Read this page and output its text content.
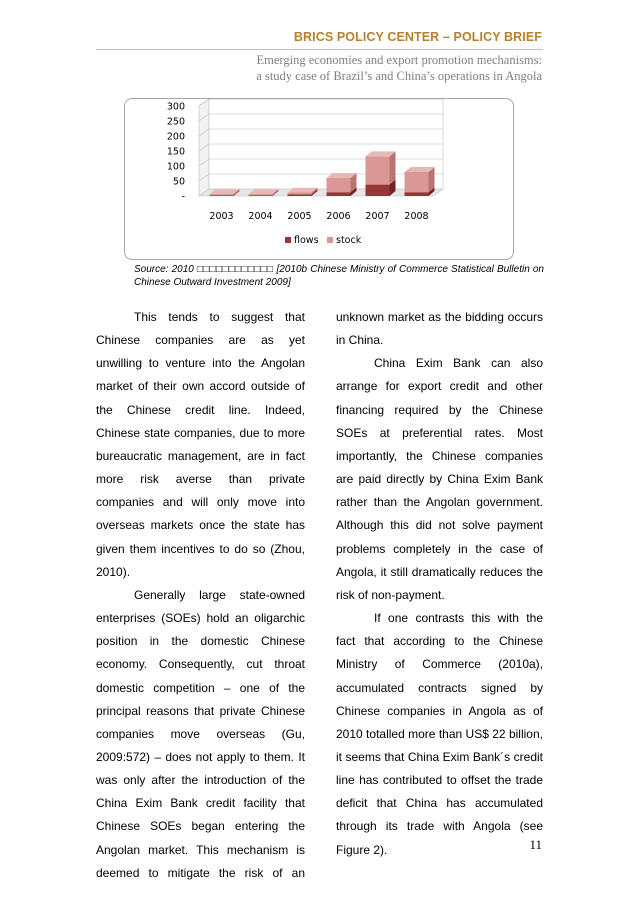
BRICS POLICY CENTER – POLICY BRIEF
Emerging economies and export promotion mechanisms:
a study case of Brazil’s and China’s operations in Angola
300
250
200
150
100
50
-
2003 2004 2005 2006 2007 2008
flows stock
Source: 2010 □□□□□□□□□□□□ [2010b Chinese Ministry of Commerce Statistical Bulletin on Chinese Outward Investment 2009]

This tends to suggest that Chinese companies are as yet unwilling to venture into the Angolan market of their own accord outside of the Chinese credit line. Indeed, Chinese state companies, due to more bureaucratic management, are in fact more risk averse than private companies and will only move into overseas markets once the state has given them incentives to do so (Zhou, 2010).

Generally large state-owned enterprises (SOEs) hold an oligarchic position in the domestic Chinese economy. Consequently, cut throat domestic competition – one of the principal reasons that private Chinese companies move overseas (Gu, 2009:572) – does not apply to them. It was only after the introduction of the China Exim Bank credit facility that Chinese SOEs began entering the Angolan market. This mechanism is deemed to mitigate the risk of an

unknown market as the bidding occurs in China.

China Exim Bank can also arrange for export credit and other financing required by the Chinese SOEs at preferential rates. Most importantly, the Chinese companies are paid directly by China Exim Bank rather than the Angolan government. Although this did not solve payment problems completely in the case of Angola, it still dramatically reduces the risk of non-payment.

If one contrasts this with the fact that according to the Chinese Ministry of Commerce (2010a), accumulated contracts signed by Chinese companies in Angola as of 2010 totalled more than US$ 22 billion, it seems that China Exim Bank´s credit line has contributed to offset the trade deficit that China has accumulated through its trade with Angola (see Figure 2).	11
